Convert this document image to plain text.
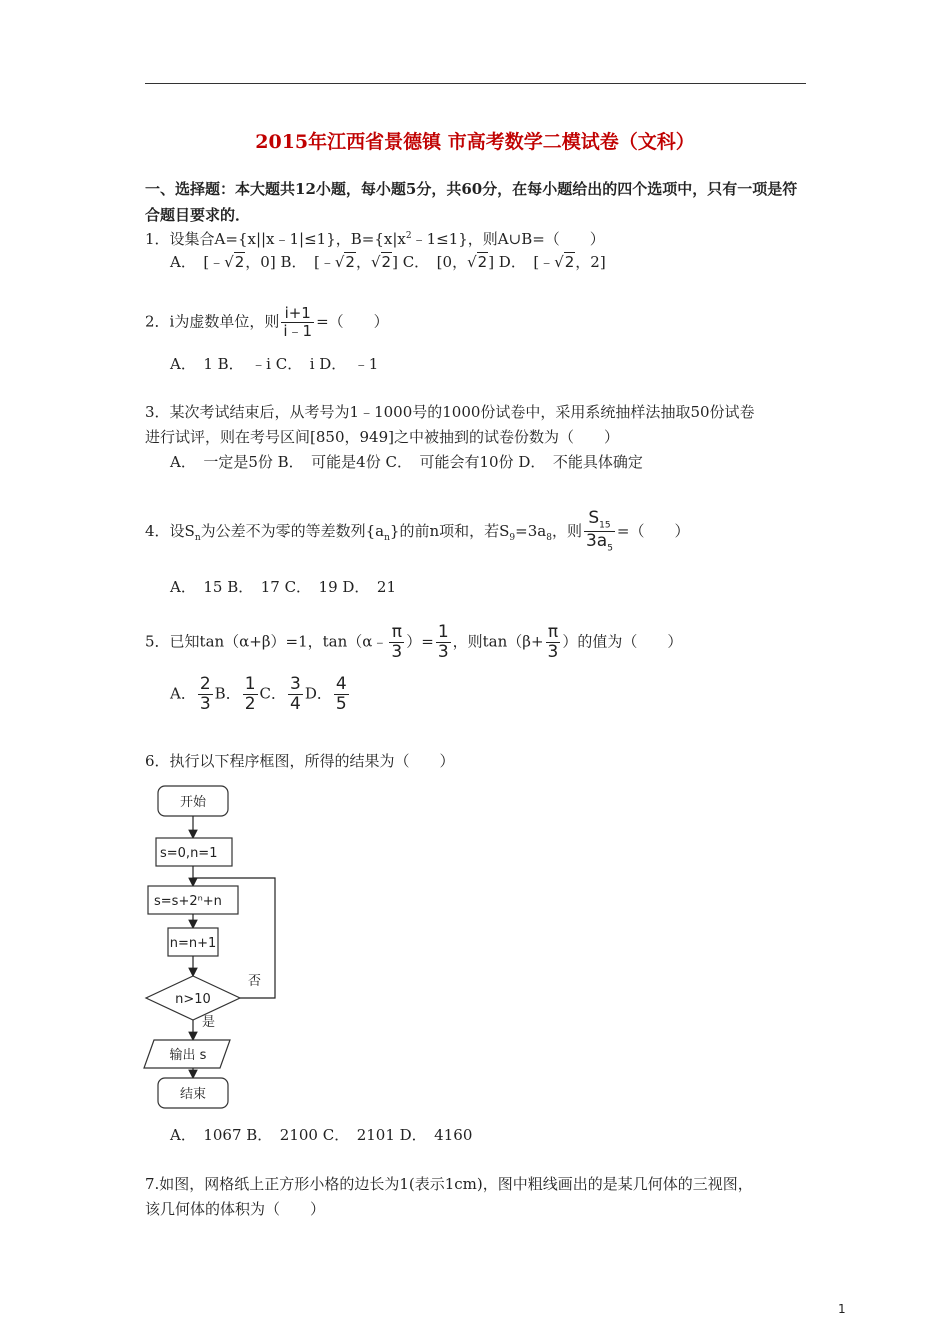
2015年江西省景德镇 市高考数学二模试卷（文科）
一、选择题：本大题共12小题，每小题5分，共60分，在每小题给出的四个选项中，只有一项是符合题目要求的．
1．设集合A={x||x﹣1|≤1}，$B=\{x|x^2﹣1\le 1\}$，则A∪B=（　　）
A．　[﹣√2，0] B．　[﹣√2，√2] C．　[0，√2] D．　[﹣√2，2]
2．i为虚数单位，则 $\frac{i+1}{i﹣1}$ =（　　）
A．　1 B．　﹣i C．　i D．　﹣1
3．某次考试结束后，从考号为1﹣1000号的1000份试卷中，采用系统抽样法抽取50份试卷
进行试评，则在考号区间[850，949]之中被抽到的试卷份数为（　　）
A．　一定是5份 B．　可能是4份 C．　可能会有10份 D．　不能具体确定
4．设$S_n$为公差不为零的等差数列$\{a_n\}$的前n项和，若$S_9=3a_8$，则 $\frac{S_{15}}{3a_5}$ =（　　）
A．　15 B．　17 C．　19 D．　21
5．已知tan（α+β）=1，tan（α﹣ $\frac{\pi}{3}$ ）= $\frac{1}{3}$ ，则$\tan(\beta+ \frac{\pi}{3}$ ）的值为（　　）
A． $\frac{2}{3}$ B． $\frac{1}{2}$ C． $\frac{3}{4}$ D． $\frac{4}{5}$
6．执行以下程序框图，所得的结果为（　　）
开始
s=0,n=1
s=s+2ⁿ+n
n=n+1
n>10
否
是
输出 s
结束
A．　1067 B．　2100 C．　2101 D．　4160
7.如图，网格纸上正方形小格的边长为1(表示1cm)，图中粗线画出的是某几何体的三视图，
该几何体的体积为（　　）
1
